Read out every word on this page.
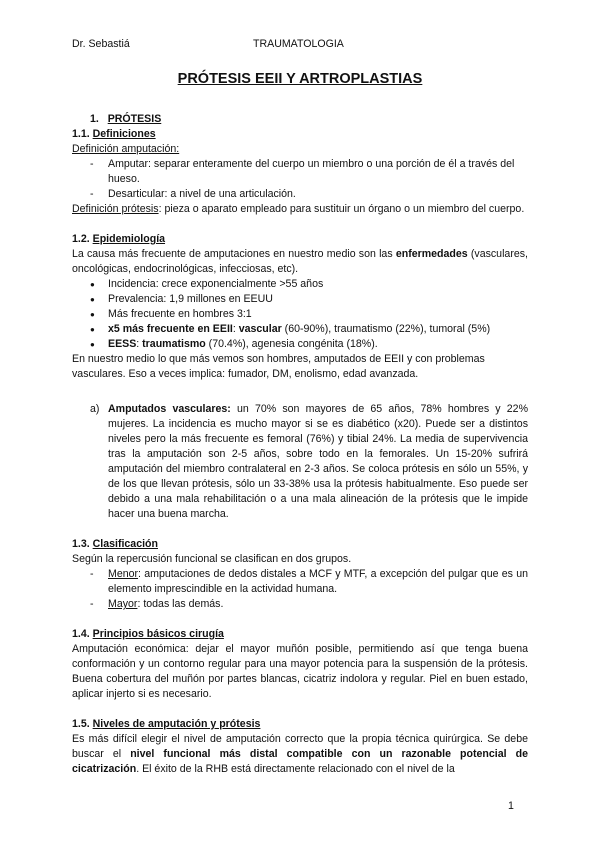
Dr. Sebastiá	TRAUMATOLOGIA
PRÓTESIS EEII Y ARTROPLASTIAS

1. PRÓTESIS

1.1. Definiciones

Definición amputación:

- Amputar: separar enteramente del cuerpo un miembro o una porción de él a través del hueso.
- Desarticular: a nivel de una articulación.

Definición prótesis: pieza o aparato empleado para sustituir un órgano o un miembro del cuerpo.

1.2. Epidemiología

La causa más frecuente de amputaciones en nuestro medio son las enfermedades (vasculares, oncológicas, endocrinológicas, infecciosas, etc).

● Incidencia: crece exponencialmente >55 años
● Prevalencia: 1,9 millones en EEUU
● Más frecuente en hombres 3:1
● x5 más frecuente en EEII: vascular (60-90%), traumatismo (22%), tumoral (5%)
● EESS: traumatismo (70.4%), agenesia congénita (18%).

En nuestro medio lo que más vemos son hombres, amputados de EEII y con problemas vasculares. Eso a veces implica: fumador, DM, enolismo, edad avanzada.

a) Amputados vasculares: un 70% son mayores de 65 años, 78% hombres y 22% mujeres. La incidencia es mucho mayor si se es diabético (x20). Puede ser a distintos niveles pero la más frecuente es femoral (76%) y tibial 24%. La media de supervivencia tras la amputación son 2-5 años, sobre todo en la femorales. Un 15-20% sufrirá amputación del miembro contralateral en 2-3 años. Se coloca prótesis en sólo un 55%, y de los que llevan prótesis, sólo un 33-38% usa la prótesis habitualmente. Eso puede ser debido a una mala rehabilitación o a una mala alineación de la prótesis que le impide hacer una buena marcha.

1.3. Clasificación

Según la repercusión funcional se clasifican en dos grupos.

- Menor: amputaciones de dedos distales a MCF y MTF, a excepción del pulgar que es un elemento imprescindible en la actividad humana.
- Mayor: todas las demás.

1.4. Principios básicos cirugía

Amputación económica: dejar el mayor muñón posible, permitiendo así que tenga buena conformación y un contorno regular para una mayor potencia para la suspensión de la prótesis. Buena cobertura del muñón por partes blancas, cicatriz indolora y regular. Piel en buen estado, aplicar injerto si es necesario.

1.5. Niveles de amputación y prótesis

Es más difícil elegir el nivel de amputación correcto que la propia técnica quirúrgica. Se debe buscar el nivel funcional más distal compatible con un razonable potencial de cicatrización. El éxito de la RHB está directamente relacionado con el nivel de la

1
